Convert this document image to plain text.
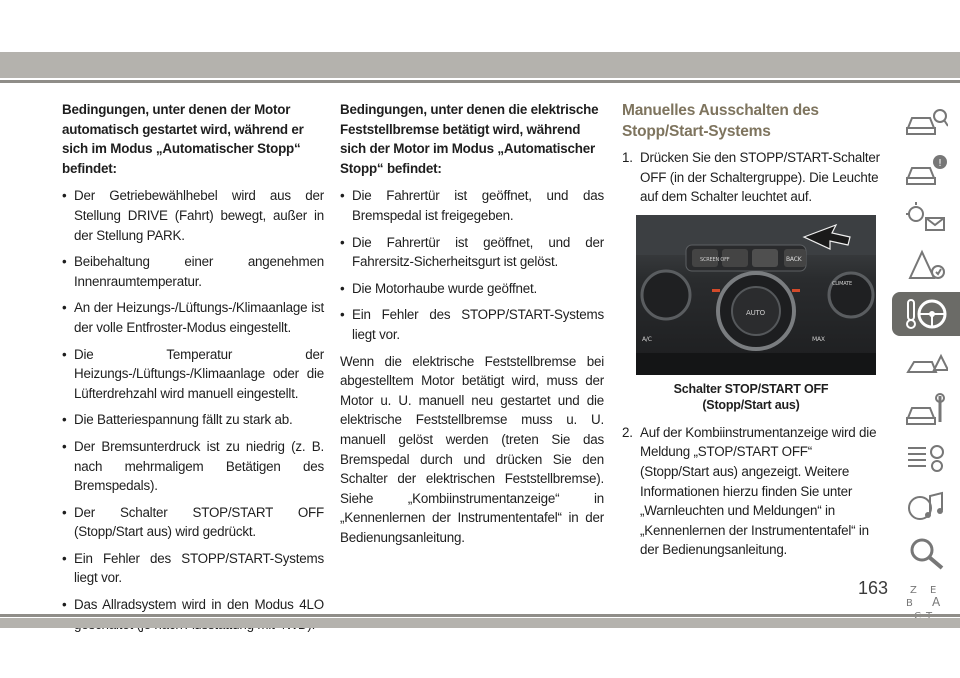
Bedingungen, unter denen der Motor automatisch gestartet wird, während er sich im Modus „Automatischer Stopp“ befindet:

• Der Getriebewählhebel wird aus der Stellung DRIVE (Fahrt) bewegt, außer in der Stellung PARK.
• Beibehaltung einer angenehmen Innenraumtemperatur.
• An der Heizungs-/Lüftungs-/Klimaanlage ist der volle Entfroster-Modus eingestellt.
• Die Temperatur der Heizungs-/Lüftungs-/Klimaanlage oder die Lüfterdrehzahl wird manuell eingestellt.
• Die Batteriespannung fällt zu stark ab.
• Der Bremsunterdruck ist zu niedrig (z. B. nach mehrmaligem Betätigen des Bremspedals).
• Der Schalter STOP/START OFF (Stopp/Start aus) wird gedrückt.
• Ein Fehler des STOPP/START-Systems liegt vor.
• Das Allradsystem wird in den Modus 4LO

Bedingungen, unter denen die elektrische Feststellbremse betätigt wird, während sich der Motor im Modus „Automatischer Stopp“ befindet:

• Die Fahrertür ist geöffnet, und das Bremspedal ist freigegeben.
• Die Fahrertür ist geöffnet, und der Fahrersitz-Sicherheitsgurt ist gelöst.
• Die Motorhaube wurde geöffnet.
• Ein Fehler des STOPP/START-Systems liegt vor.

Wenn die elektrische Feststellbremse bei abgestelltem Motor betätigt wird, muss der Motor u. U. manuell neu gestartet und die elektrische Feststellbremse muss u. U. manuell gelöst werden (treten Sie das Bremspedal durch und drücken Sie den Schalter der elektrischen Feststellbremse). Siehe „Kombiinstrumentanzeige“ in „Kennenlernen der Instrumententafel“ in der Bedienungsanleitung.

Manuelles Ausschalten des Stopp/Start-Systems

1. Drücken Sie den STOPP/START-Schalter OFF (in der Schaltergruppe). Die Leuchte auf dem Schalter leuchtet auf.
SCREEN OFF	BACK
AUTO
A/C	MAX
CLIMATE
Schalter STOP/START OFF
(Stopp/Start aus)
2. Auf der Kombiinstrumentanzeige wird die Meldung „STOP/START OFF“ (Stopp/Start aus) angezeigt. Weitere Informationen hierzu finden Sie unter „Warnleuchten und Meldungen“ in „Kennenlernen der Instrumententafel“ in der Bedienungsanleitung.
!
Z E
B A
163
